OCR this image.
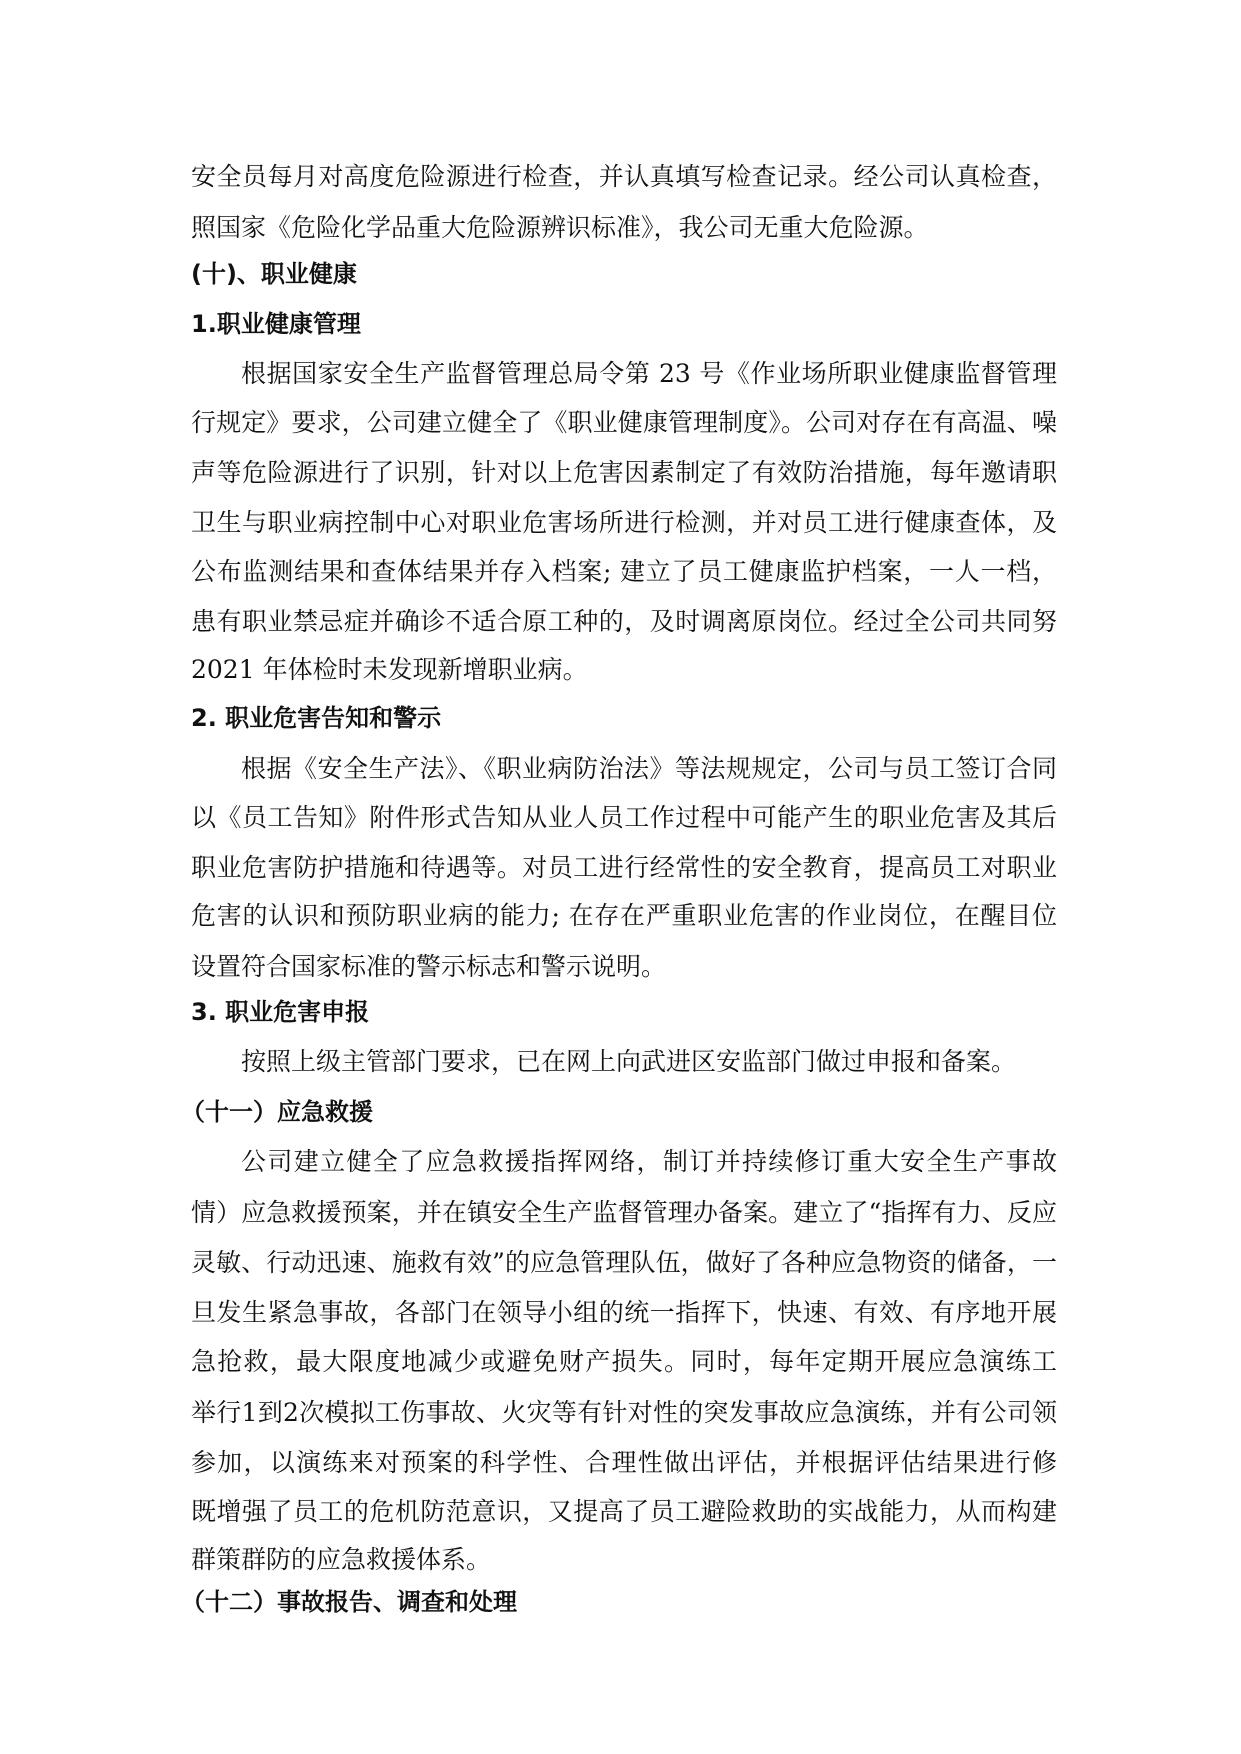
安全员每月对高度危险源进行检查，并认真填写检查记录。经公司认真检查，
照国家《危险化学品重大危险源辨识标准》，我公司无重大危险源。
(十)、职业健康
1.职业健康管理
根据国家安全生产监督管理总局令第 23 号《作业场所职业健康监督管理
行规定》要求，公司建立健全了《职业健康管理制度》。公司对存在有高温、噪
声等危险源进行了识别，针对以上危害因素制定了有效防治措施，每年邀请职
卫生与职业病控制中心对职业危害场所进行检测，并对员工进行健康查体，及
公布监测结果和查体结果并存入档案; 建立了员工健康监护档案，一人一档，
患有职业禁忌症并确诊不适合原工种的，及时调离原岗位。经过全公司共同努
2021 年体检时未发现新增职业病。
2. 职业危害告知和警示
根据《安全生产法》、《职业病防治法》等法规规定，公司与员工签订合同
以《员工告知》附件形式告知从业人员工作过程中可能产生的职业危害及其后
职业危害防护措施和待遇等。对员工进行经常性的安全教育，提高员工对职业
危害的认识和预防职业病的能力; 在存在严重职业危害的作业岗位，在醒目位
设置符合国家标准的警示标志和警示说明。
3. 职业危害申报
按照上级主管部门要求，已在网上向武进区安监部门做过申报和备案。
（十一）应急救援
公司建立健全了应急救援指挥网络，制订并持续修订重大安全生产事故
情）应急救援预案，并在镇安全生产监督管理办备案。建立了“指挥有力、反应
灵敏、行动迅速、施救有效”的应急管理队伍，做好了各种应急物资的储备，一
旦发生紧急事故，各部门在领导小组的统一指挥下，快速、有效、有序地开展
急抢救，最大限度地减少或避免财产损失。同时，每年定期开展应急演练工
举行1到2次模拟工伤事故、火灾等有针对性的突发事故应急演练，并有公司领
参加，以演练来对预案的科学性、合理性做出评估，并根据评估结果进行修
既增强了员工的危机防范意识，又提高了员工避险救助的实战能力，从而构建
群策群防的应急救援体系。
（十二）事故报告、调查和处理
